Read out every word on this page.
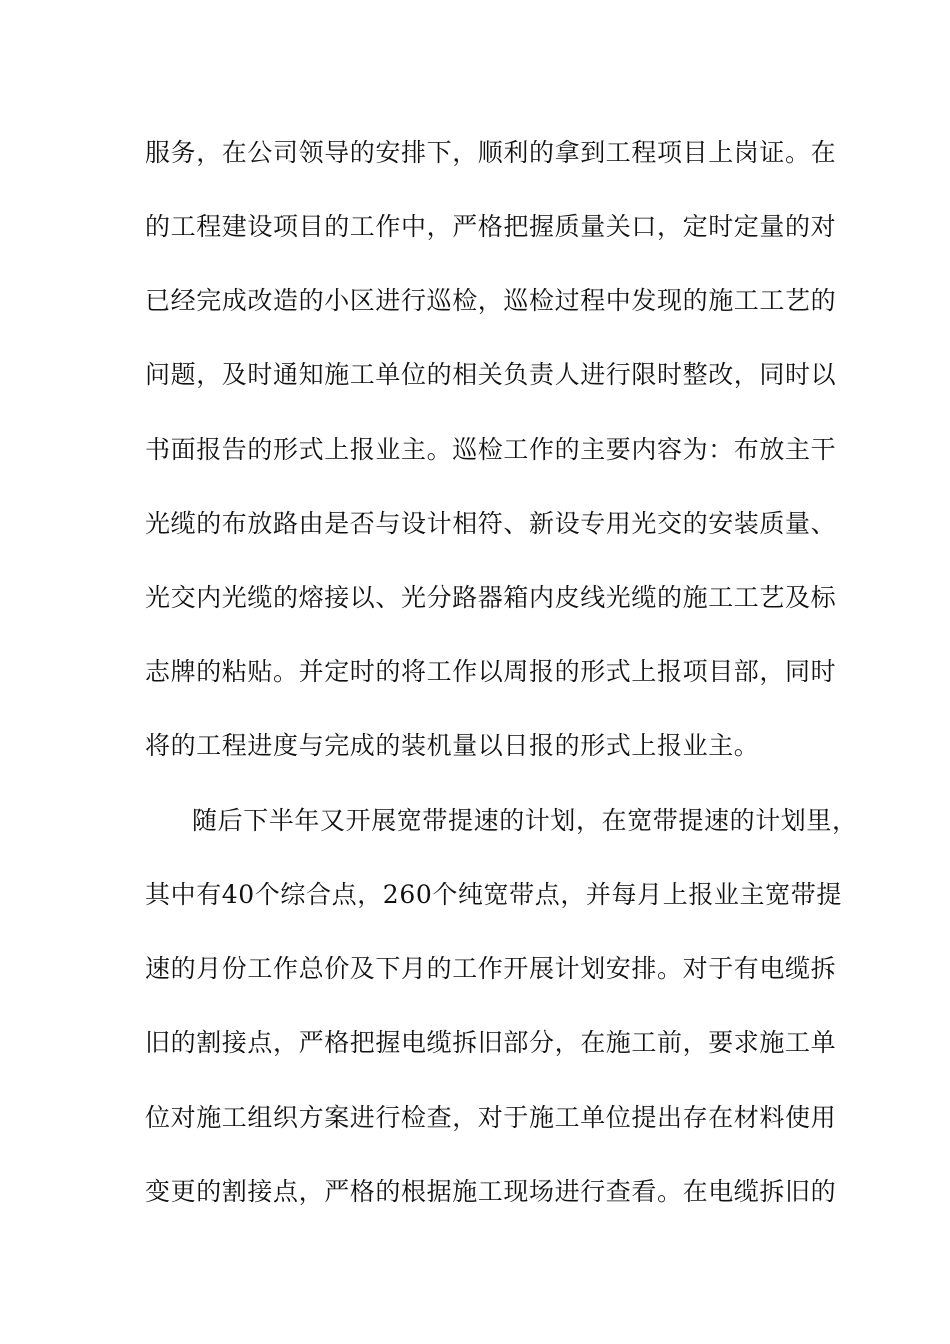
服务，在公司领导的安排下，顺利的拿到工程项目上岗证。在
的工程建设项目的工作中，严格把握质量关口，定时定量的对
已经完成改造的小区进行巡检，巡检过程中发现的施工工艺的
问题，及时通知施工单位的相关负责人进行限时整改，同时以
书面报告的形式上报业主。巡检工作的主要内容为：布放主干
光缆的布放路由是否与设计相符、新设专用光交的安装质量、
光交内光缆的熔接以、光分路器箱内皮线光缆的施工工艺及标
志牌的粘贴。并定时的将工作以周报的形式上报项目部，同时
将的工程进度与完成的装机量以日报的形式上报业主。
随后下半年又开展宽带提速的计划，在宽带提速的计划里，
其中有40个综合点，260个纯宽带点，并每月上报业主宽带提
速的月份工作总价及下月的工作开展计划安排。对于有电缆拆
旧的割接点，严格把握电缆拆旧部分，在施工前，要求施工单
位对施工组织方案进行检查，对于施工单位提出存在材料使用
变更的割接点，严格的根据施工现场进行查看。在电缆拆旧的
